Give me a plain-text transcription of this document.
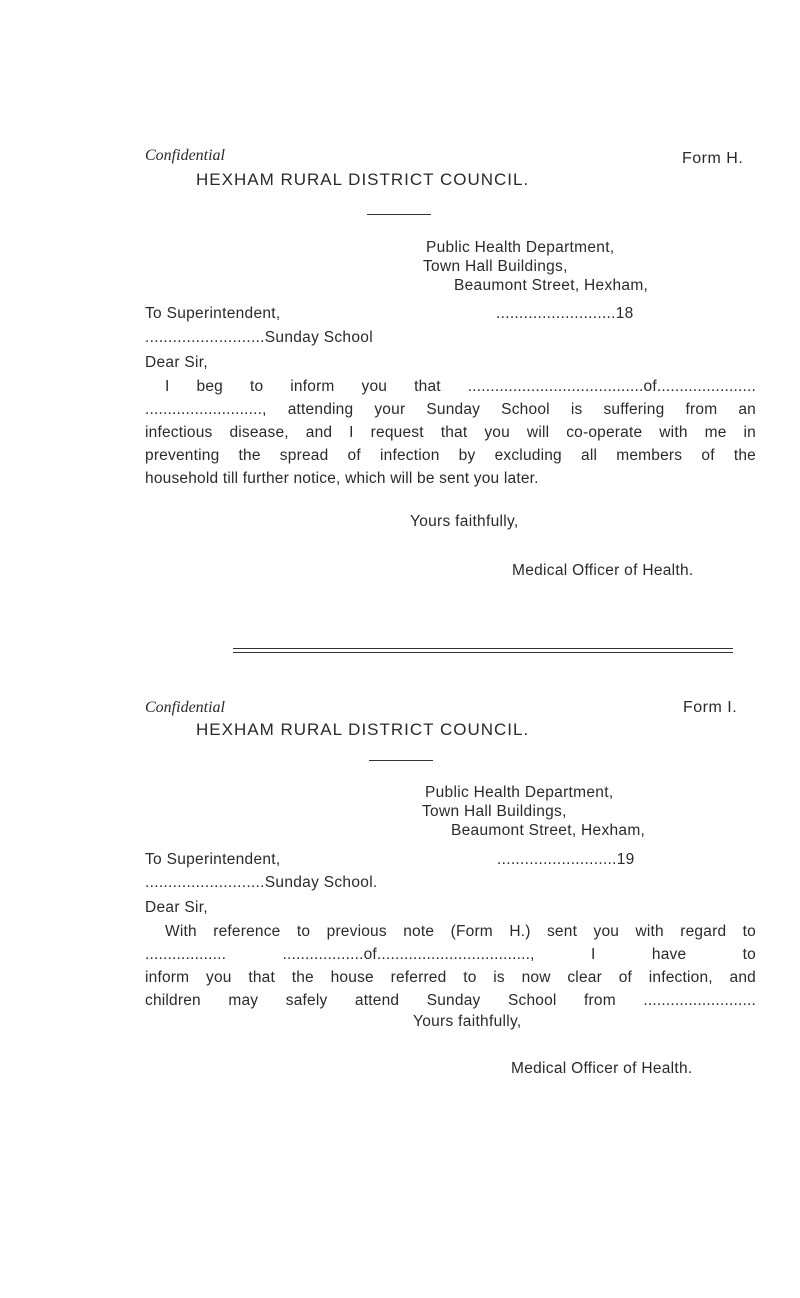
Confidential	Form H.
HEXHAM RURAL DISTRICT COUNCIL.
Public Health Department,
Town Hall Buildings,
Beaumont Street, Hexham,
To Superintendent,	..........................18
..........................Sunday School
Dear Sir,
I beg to inform you that .......................................of......................
.........................., attending your Sunday School is suffering from an
infectious disease, and I request that you will co-operate with me in
preventing the spread of infection by excluding all members of the
household till further notice, which will be sent you later.
Yours faithfully,
Medical Officer of Health.
Confidential	Form I.
HEXHAM RURAL DISTRICT COUNCIL.
Public Health Department,
Town Hall Buildings,
Beaumont Street, Hexham,
To Superintendent,	..........................19
..........................Sunday School.
Dear Sir,
With reference to previous note (Form H.) sent you with regard to
.................. ..................of.................................., I have to
inform you that the house referred to is now clear of infection, and
children may safely attend Sunday School from .........................
Yours faithfully,
Medical Officer of Health.
